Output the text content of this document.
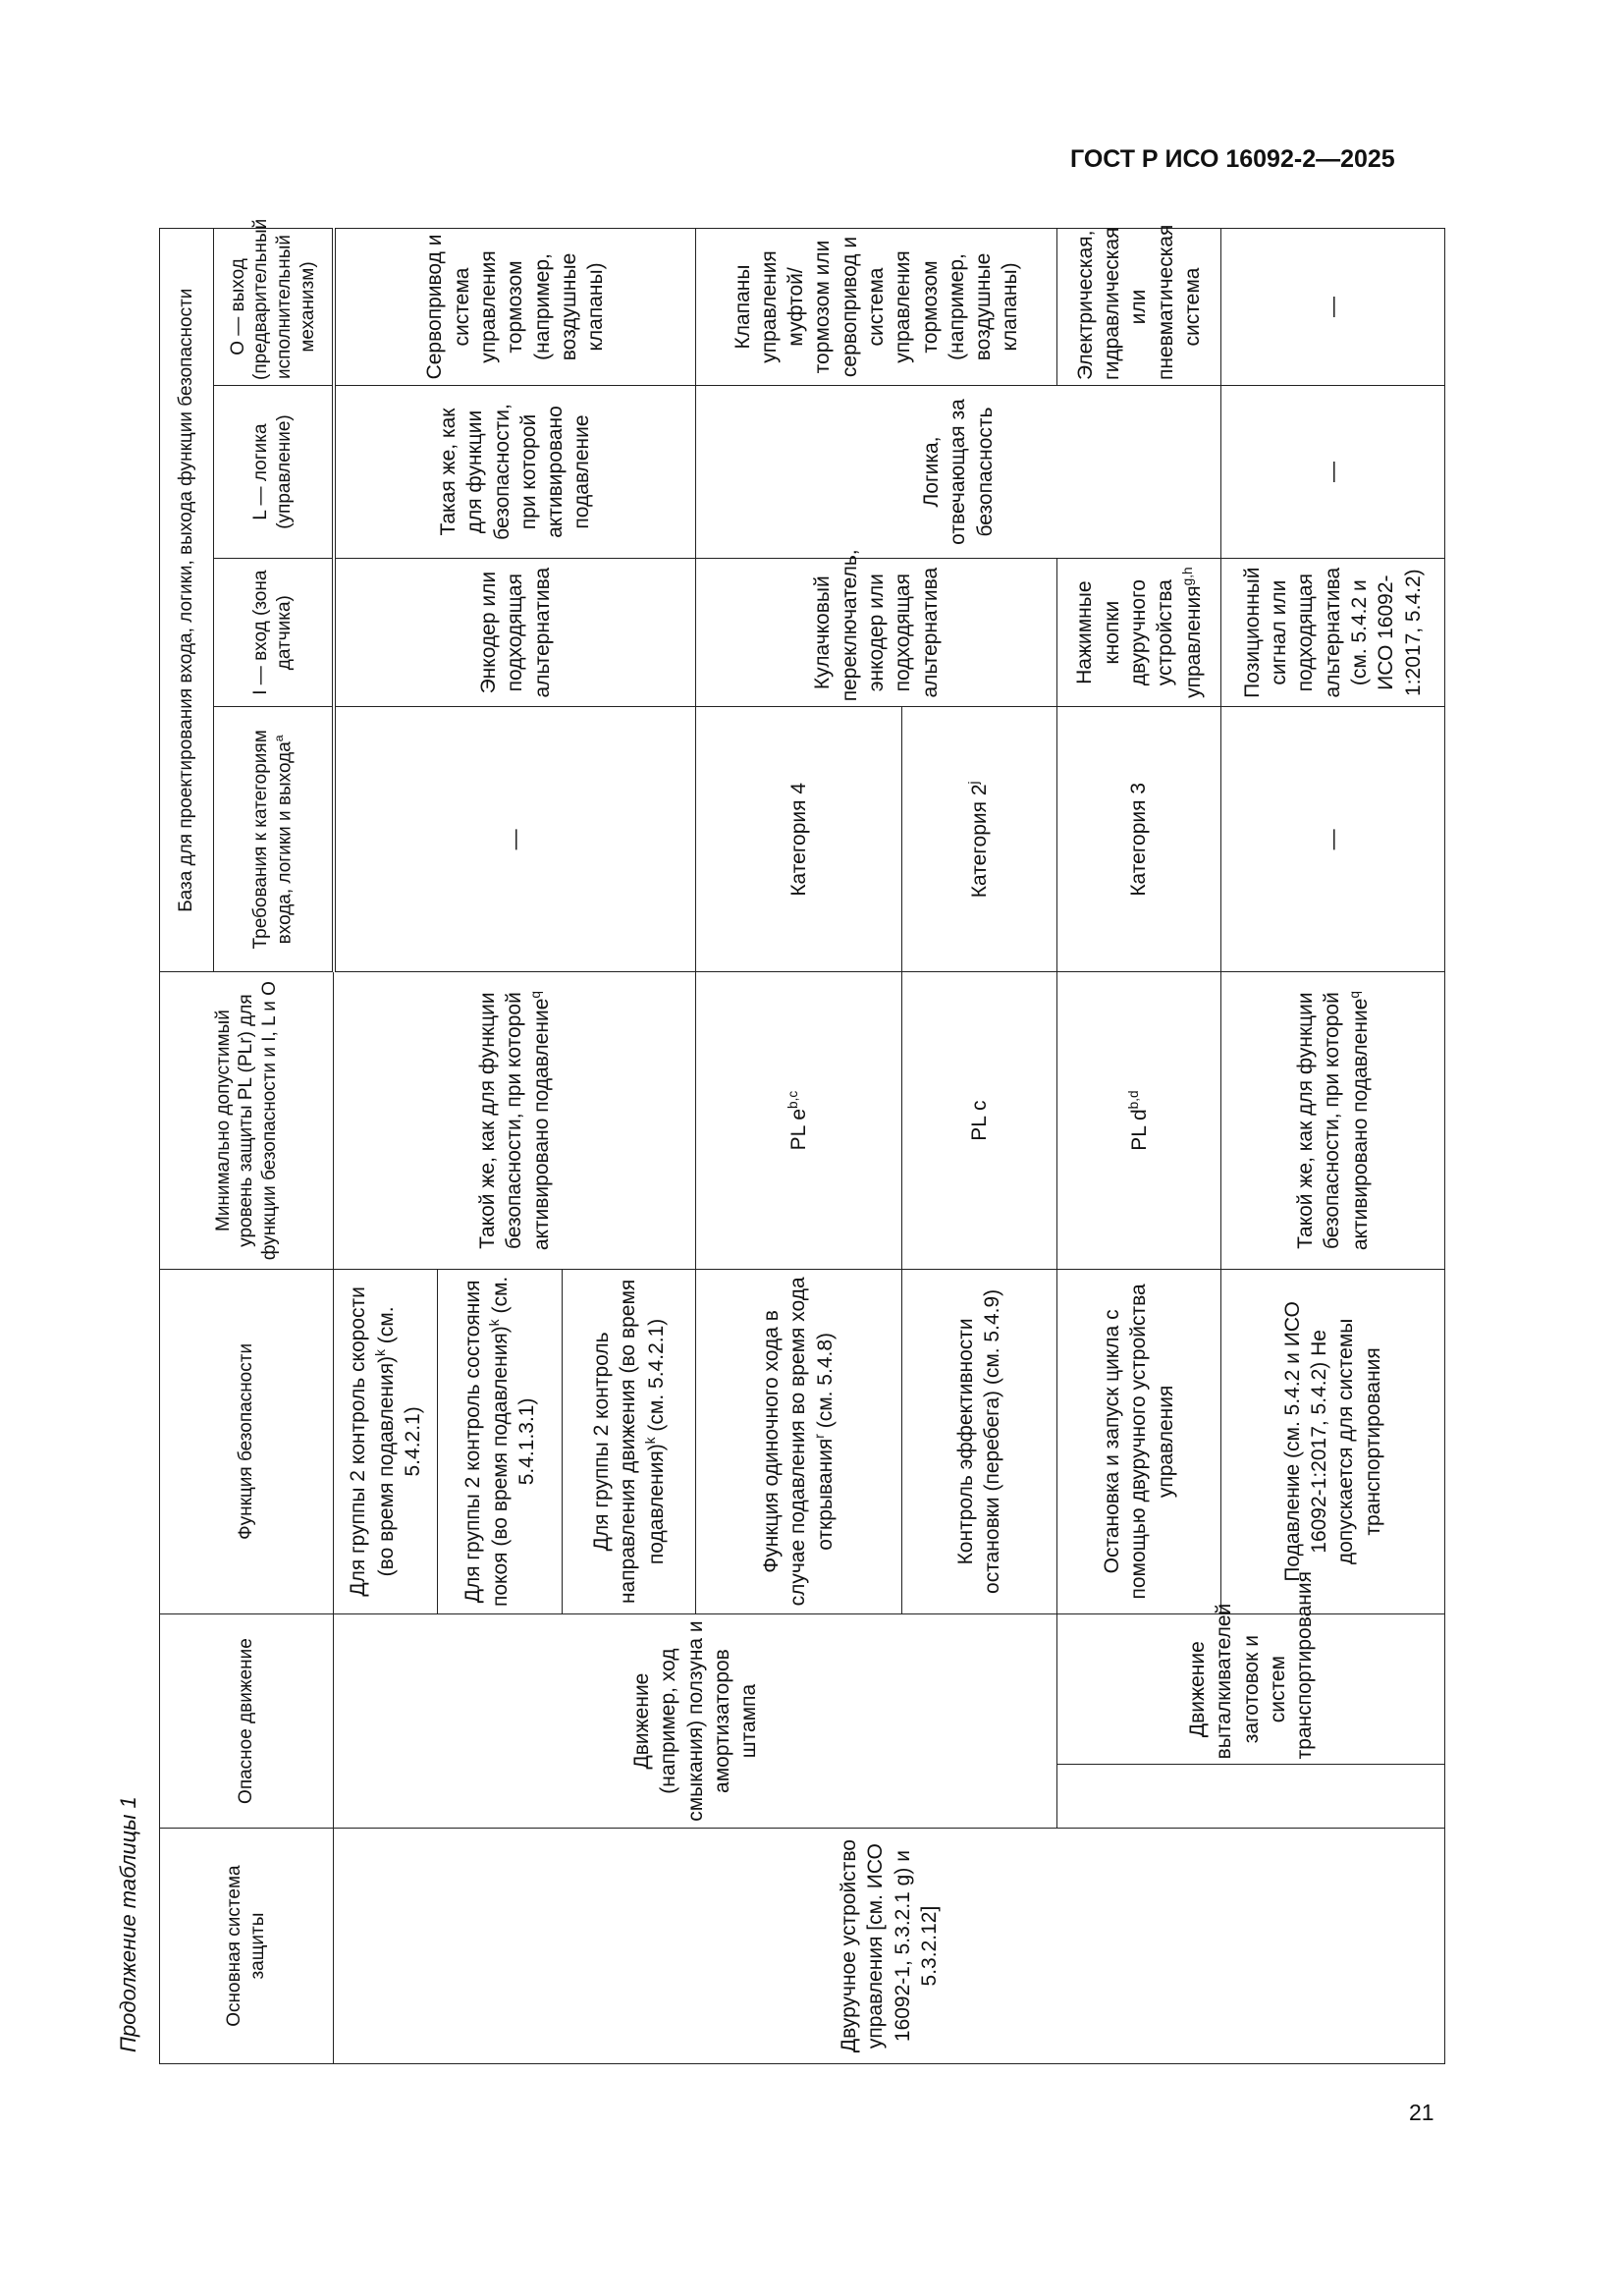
ГОСТ Р ИСО 16092-2—2025
Продолжение таблицы 1
21
Основная система защиты	Опасное движение		Функция безопасности	Минимально допустимый уровень защиты PL (PLr) для функции безопасности и I, L и O	База для проектирования входа, логики, выхода функции безопасности			
					Требования к категориям входа, логики и выхода$^a$	I — вход (зона датчика)	L — логика (управление)	O — выход (предварительный исполнительный механизм)
Двуручное устройство управления [см. ИСО 16092-1, 5.3.2.1 g) и 5.3.2.12]	Движение (например, ход смыкания) ползуна и амортизаторов штампа		Для группы 2 контроль скорости (во время подавления)$^k$ (см. 5.4.2.1)	Такой же, как для функции безопасности, при которой активировано подавление$^q$	—	Энкодер или подходящая альтернатива	Такая же, как для функции безопасности, при которой активировано подавление	Сервопривод и система управления тормозом (например, воздушные клапаны)
			Для группы 2 контроль состояния покоя (во время подавления)$^k$ (см. 5.4.1.3.1)					
			Для группы 2 контроль направления движения (во время подавления)$^k$ (см. 5.4.2.1)					
			Функция одиночного хода в случае подавления во время хода открывания$^r$ (см. 5.4.8)	PL $e^{b,c}$	Категория 4	Кулачковый переключатель, энкодер или подходящая альтернатива	Логика, отвечающая за безопасность	Клапаны управления муфтой/ тормозом или сервопривод и система управления тормозом (например, воздушные клапаны)
			Контроль эффективности остановки (перебега) (см. 5.4.9)	PL c	Категория 2$^j$
		Движение выталкивателей заготовок и систем транспортирования	Остановка и запуск цикла с помощью двуручного устройства управления	PL $d^{b,d}$	Категория 3	Нажимные кнопки двуручного устройства управления$^{g,h}$		Электрическая, гидравлическая или пневматическая система
			Подавление (см. 5.4.2 и ИСО 16092-1:2017, 5.4.2) Не допускается для системы транспортирования	Такой же, как для функции безопасности, при которой активировано подавление$^q$	—	Позиционный сигнал или подходящая альтернатива (см. 5.4.2 и ИСО 16092-1:2017, 5.4.2)	—	—
